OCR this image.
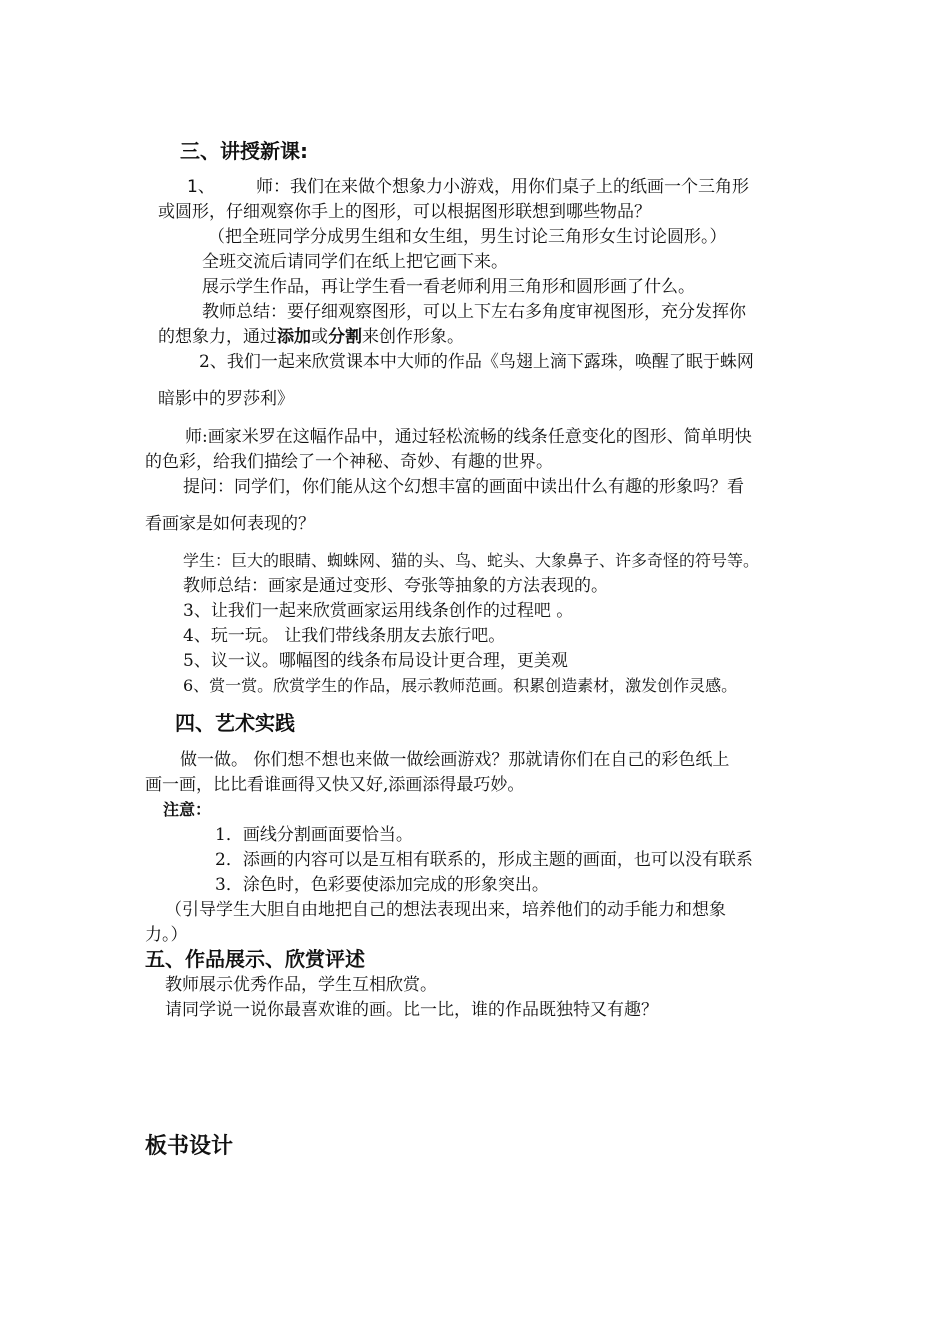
三、讲授新课:
1、 师：我们在来做个想象力小游戏，用你们桌子上的纸画一个三角形
或圆形，仔细观察你手上的图形，可以根据图形联想到哪些物品？
（把全班同学分成男生组和女生组，男生讨论三角形女生讨论圆形。）
全班交流后请同学们在纸上把它画下来。
展示学生作品，再让学生看一看老师利用三角形和圆形画了什么。
教师总结：要仔细观察图形，可以上下左右多角度审视图形，充分发挥你
的想象力，通过添加或分割来创作形象。
2、我们一起来欣赏课本中大师的作品《鸟翅上滴下露珠，唤醒了眠于蛛网
暗影中的罗莎利》
师:画家米罗在这幅作品中，通过轻松流畅的线条任意变化的图形、简单明快
的色彩，给我们描绘了一个神秘、奇妙、有趣的世界。
提问：同学们，你们能从这个幻想丰富的画面中读出什么有趣的形象吗？看
看画家是如何表现的？
学生：巨大的眼睛、蜘蛛网、猫的头、鸟、蛇头、大象鼻子、许多奇怪的符号等。
教师总结：画家是通过变形、夸张等抽象的方法表现的。
3、让我们一起来欣赏画家运用线条创作的过程吧 。
4、玩一玩。 让我们带线条朋友去旅行吧。
5、议一议。哪幅图的线条布局设计更合理，更美观
6、赏一赏。欣赏学生的作品，展示教师范画。积累创造素材，激发创作灵感。
四、艺术实践
做一做。 你们想不想也来做一做绘画游戏？那就请你们在自己的彩色纸上
画一画，比比看谁画得又快又好,添画添得最巧妙。
注意：
1．画线分割画面要恰当。
2．添画的内容可以是互相有联系的，形成主题的画面，也可以没有联系
3．涂色时，色彩要使添加完成的形象突出。
（引导学生大胆自由地把自己的想法表现出来，培养他们的动手能力和想象
力。）
五、作品展示、欣赏评述
教师展示优秀作品，学生互相欣赏。
请同学说一说你最喜欢谁的画。比一比，谁的作品既独特又有趣？
板书设计
